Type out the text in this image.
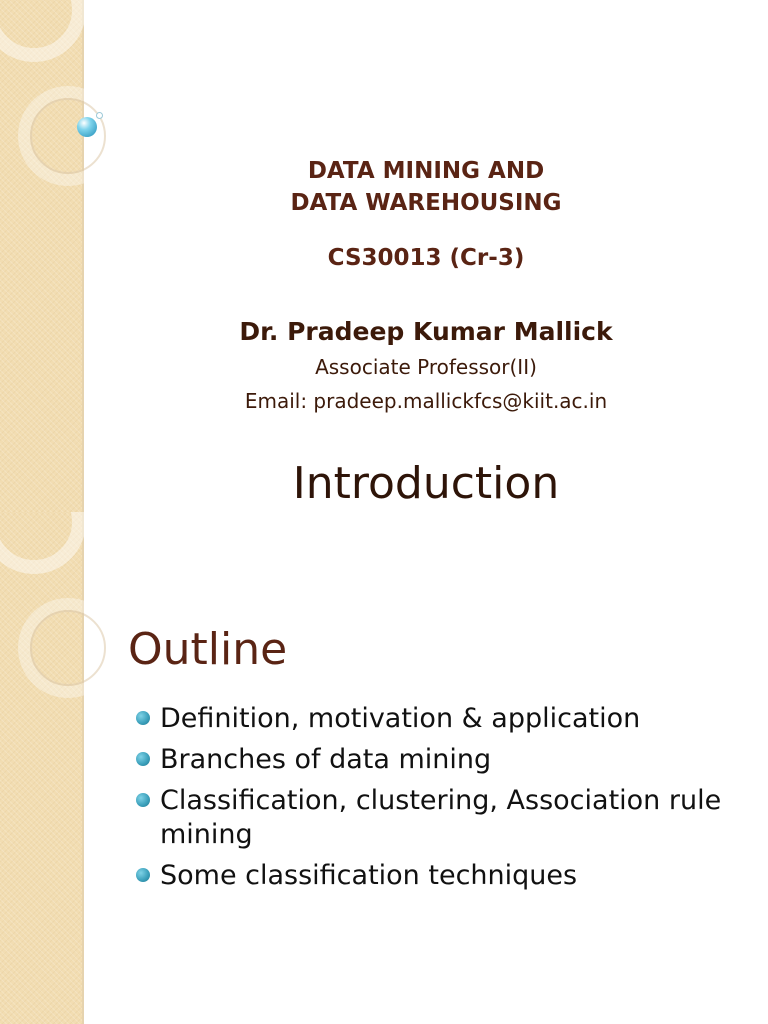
DATA MINING AND
DATA WAREHOUSING
CS30013 (Cr-3)
Dr. Pradeep Kumar Mallick
Associate Professor(II)
Email: pradeep.mallickfcs@kiit.ac.in
Introduction
Outline
Definition, motivation & application
Branches of data mining
Classification, clustering, Association rule mining
Some classification techniques
